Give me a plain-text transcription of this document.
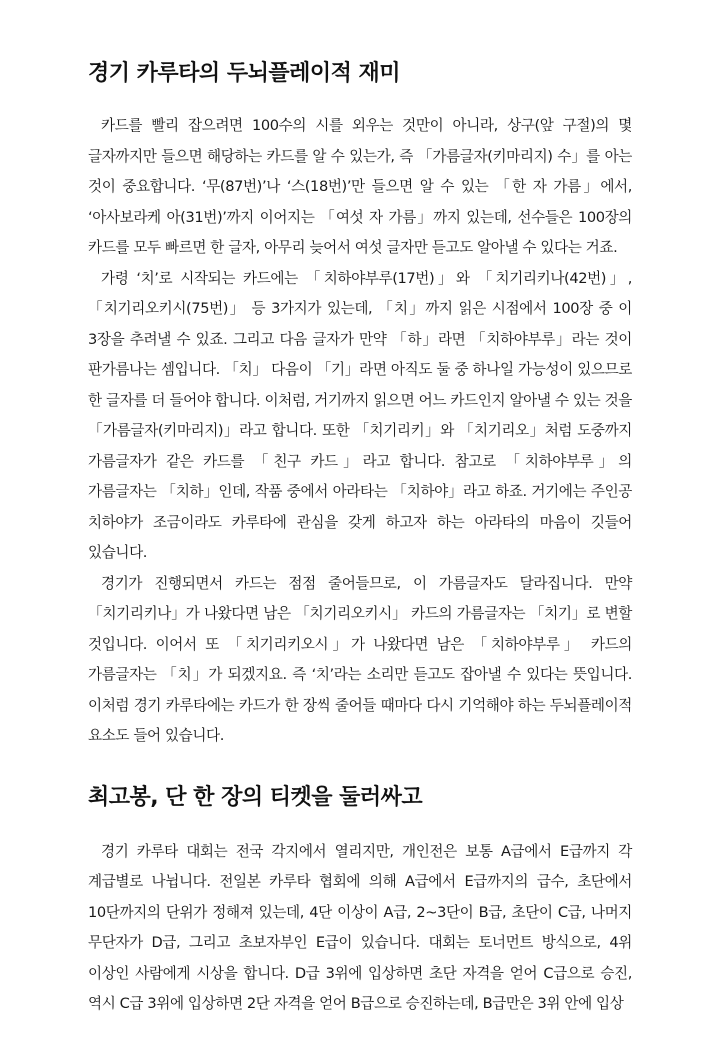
경기 카루타의 두뇌플레이적 재미

카드를 빨리 잡으려면 100수의 시를 외우는 것만이 아니라, 상구(앞 구절)의 몇 글자까지만 들으면 해당하는 카드를 알 수 있는가, 즉 「가름글자(키마리지) 수」를 아는 것이 중요합니다. ‘무(87번)’나 ‘스(18번)’만 들으면 알 수 있는 「한 자 가름」에서, ‘아사보라케 아(31번)’까지 이어지는 「여섯 자 가름」까지 있는데, 선수들은 100장의 카드를 모두 빠르면 한 글자, 아무리 늦어서 여섯 글자만 듣고도 알아낼 수 있다는 거죠.

가령 ‘치’로 시작되는 카드에는 「치하야부루(17번)」와 「치기리키나(42번)」, 「치기리오키시(75번)」 등 3가지가 있는데, 「치」까지 읽은 시점에서 100장 중 이 3장을 추려낼 수 있죠. 그리고 다음 글자가 만약 「하」라면 「치하야부루」라는 것이 판가름나는 셈입니다. 「치」 다음이 「기」라면 아직도 둘 중 하나일 가능성이 있으므로 한 글자를 더 들어야 합니다. 이처럼, 거기까지 읽으면 어느 카드인지 알아낼 수 있는 것을 「가름글자(키마리지)」라고 합니다. 또한 「치기리키」와 「치기리오」처럼 도중까지 가름글자가 같은 카드를 「친구 카드」라고 합니다. 참고로 「치하야부루」의 가름글자는 「치하」인데, 작품 중에서 아라타는 「치하야」라고 하죠. 거기에는 주인공 치하야가 조금이라도 카루타에 관심을 갖게 하고자 하는 아라타의 마음이 깃들어 있습니다.

경기가 진행되면서 카드는 점점 줄어들므로, 이 가름글자도 달라집니다. 만약 「치기리키나」가 나왔다면 남은 「치기리오키시」 카드의 가름글자는 「치기」로 변할 것입니다. 이어서 또 「치기리키오시」가 나왔다면 남은 「치하야부루」 카드의 가름글자는 「치」가 되겠지요. 즉 ‘치’라는 소리만 듣고도 잡아낼 수 있다는 뜻입니다. 이처럼 경기 카루타에는 카드가 한 장씩 줄어들 때마다 다시 기억해야 하는 두뇌플레이적 요소도 들어 있습니다.

최고봉, 단 한 장의 티켓을 둘러싸고

경기 카루타 대회는 전국 각지에서 열리지만, 개인전은 보통 A급에서 E급까지 각 계급별로 나뉩니다. 전일본 카루타 협회에 의해 A급에서 E급까지의 급수, 초단에서 10단까지의 단위가 정해져 있는데, 4단 이상이 A급, 2~3단이 B급, 초단이 C급, 나머지 무단자가 D급, 그리고 초보자부인 E급이 있습니다. 대회는 토너먼트 방식으로, 4위 이상인 사람에게 시상을 합니다. D급 3위에 입상하면 초단 자격을 얻어 C급으로 승진, 역시 C급 3위에 입상하면 2단 자격을 얻어 B급으로 승진하는데, B급만은 3위 안에 입상
